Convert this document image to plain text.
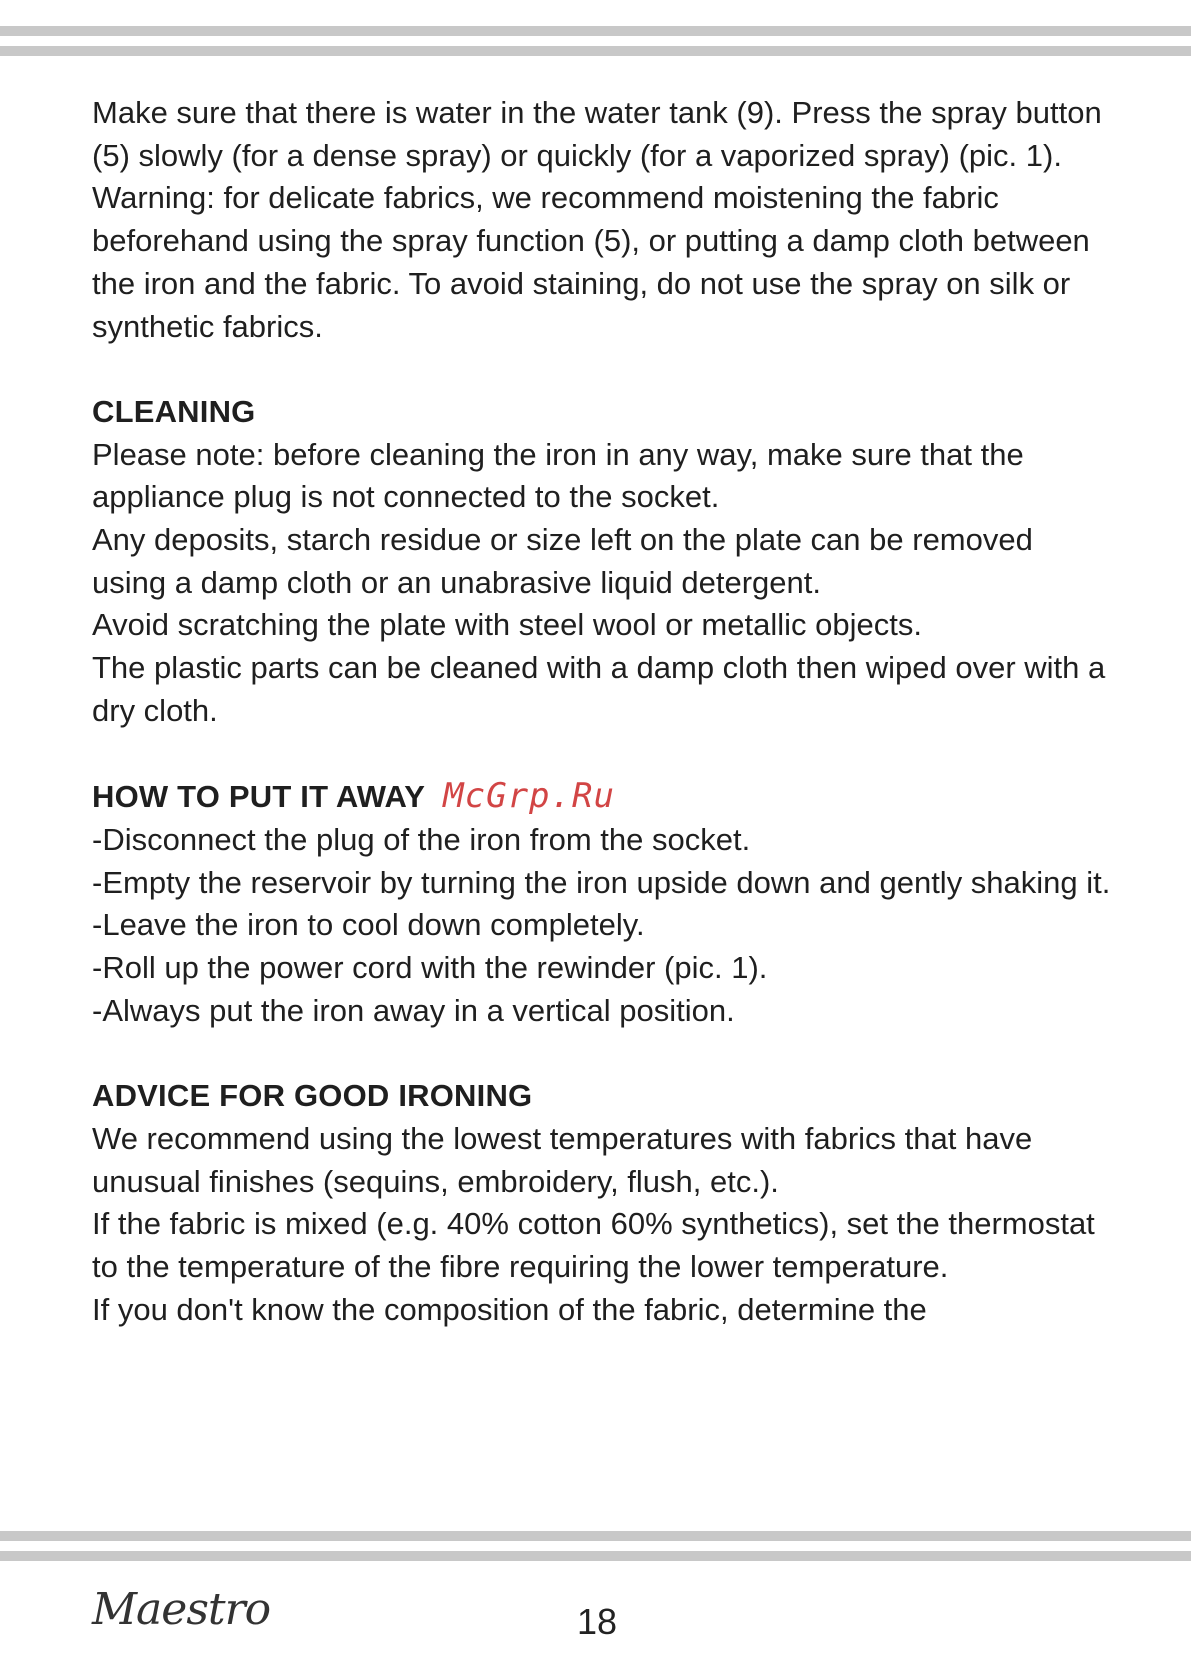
Make sure that there is water in the water tank (9). Press the spray button (5) slowly (for a dense spray) or quickly (for a vaporized spray) (pic. 1).

Warning: for delicate fabrics, we recommend moistening the fabric beforehand using the spray function (5), or putting a damp cloth between the iron and the fabric. To avoid staining, do not use the spray on silk or synthetic fabrics.

CLEANING

Please note: before cleaning the iron in any way, make sure that the appliance plug is not connected to the socket.

Any deposits, starch residue or size left on the plate can be removed using a damp cloth or an unabrasive liquid detergent.

Avoid scratching the plate with steel wool or metallic objects.

The plastic parts can be cleaned with a damp cloth then wiped over with a dry cloth.

HOW TO PUT IT AWAY McGrp.Ru

-Disconnect the plug of the iron from the socket.

-Empty the reservoir by turning the iron upside down and gently shaking it.

-Leave the iron to cool down completely.

-Roll up the power cord with the rewinder (pic. 1).

-Always put the iron away in a vertical position.

ADVICE FOR GOOD IRONING

We recommend using the lowest temperatures with fabrics that have unusual finishes (sequins, embroidery, flush, etc.).

If the fabric is mixed (e.g. 40% cotton 60% synthetics), set the thermostat to the temperature of the fibre requiring the lower temperature.

If you don't know the composition of the fabric, determine the

Maestro	18
